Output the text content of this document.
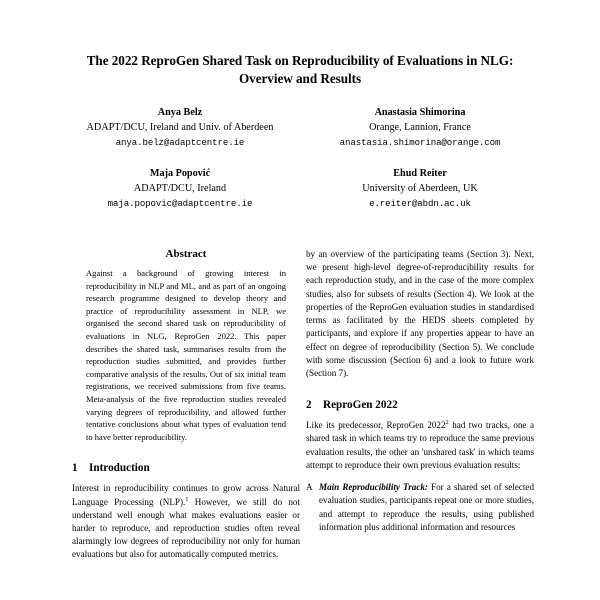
The 2022 ReproGen Shared Task on Reproducibility of Evaluations in NLG: Overview and Results
Anya Belz
ADAPT/DCU, Ireland and Univ. of Aberdeen
anya.belz@adaptcentre.ie
Anastasia Shimorina
Orange, Lannion, France
anastasia.shimorina@orange.com
Maja Popović
ADAPT/DCU, Ireland
maja.popovic@adaptcentre.ie
Ehud Reiter
University of Aberdeen, UK
e.reiter@abdn.ac.uk
Abstract

Against a background of growing interest in reproducibility in NLP and ML, and as part of an ongoing research programme designed to develop theory and practice of reproducibility assessment in NLP, we organised the second shared task on reproducibility of evaluations in NLG, ReproGen 2022. This paper describes the shared task, summarises results from the reproduction studies submitted, and provides further comparative analysis of the results. Out of six initial team registrations, we received submissions from five teams. Meta-analysis of the five reproduction studies revealed varying degrees of reproducibility, and allowed further tentative conclusions about what types of evaluation tend to have better reproducibility.

1	Introduction

Interest in reproducibility continues to grow across Natural Language Processing (NLP).$^1$ However, we still do not understand well enough what makes evaluations easier or harder to reproduce, and reproduction studies often reveal alarmingly low degrees of reproducibility not only for human evaluations but also for automatically computed metrics.

by an overview of the participating teams (Section 3). Next, we present high-level degree-of-reproducibility results for each reproduction study, and in the case of the more complex studies, also for subsets of results (Section 4). We look at the properties of the ReproGen evaluation studies in standardised terms as facilitated by the HEDS sheets completed by participants, and explore if any properties appear to have an effect on degree of reproducibility (Section 5). We conclude with some discussion (Section 6) and a look to future work (Section 7).

2	ReproGen 2022

Like its predecessor, ReproGen 2022$^2$ had two tracks, one a shared task in which teams try to reproduce the same previous evaluation results, the other an 'unshared task' in which teams attempt to reproduce their own previous evaluation results:

A Main Reproducibility Track: For a shared set of selected evaluation studies, participants repeat one or more studies, and attempt to reproduce the results, using published information plus additional information and resources
